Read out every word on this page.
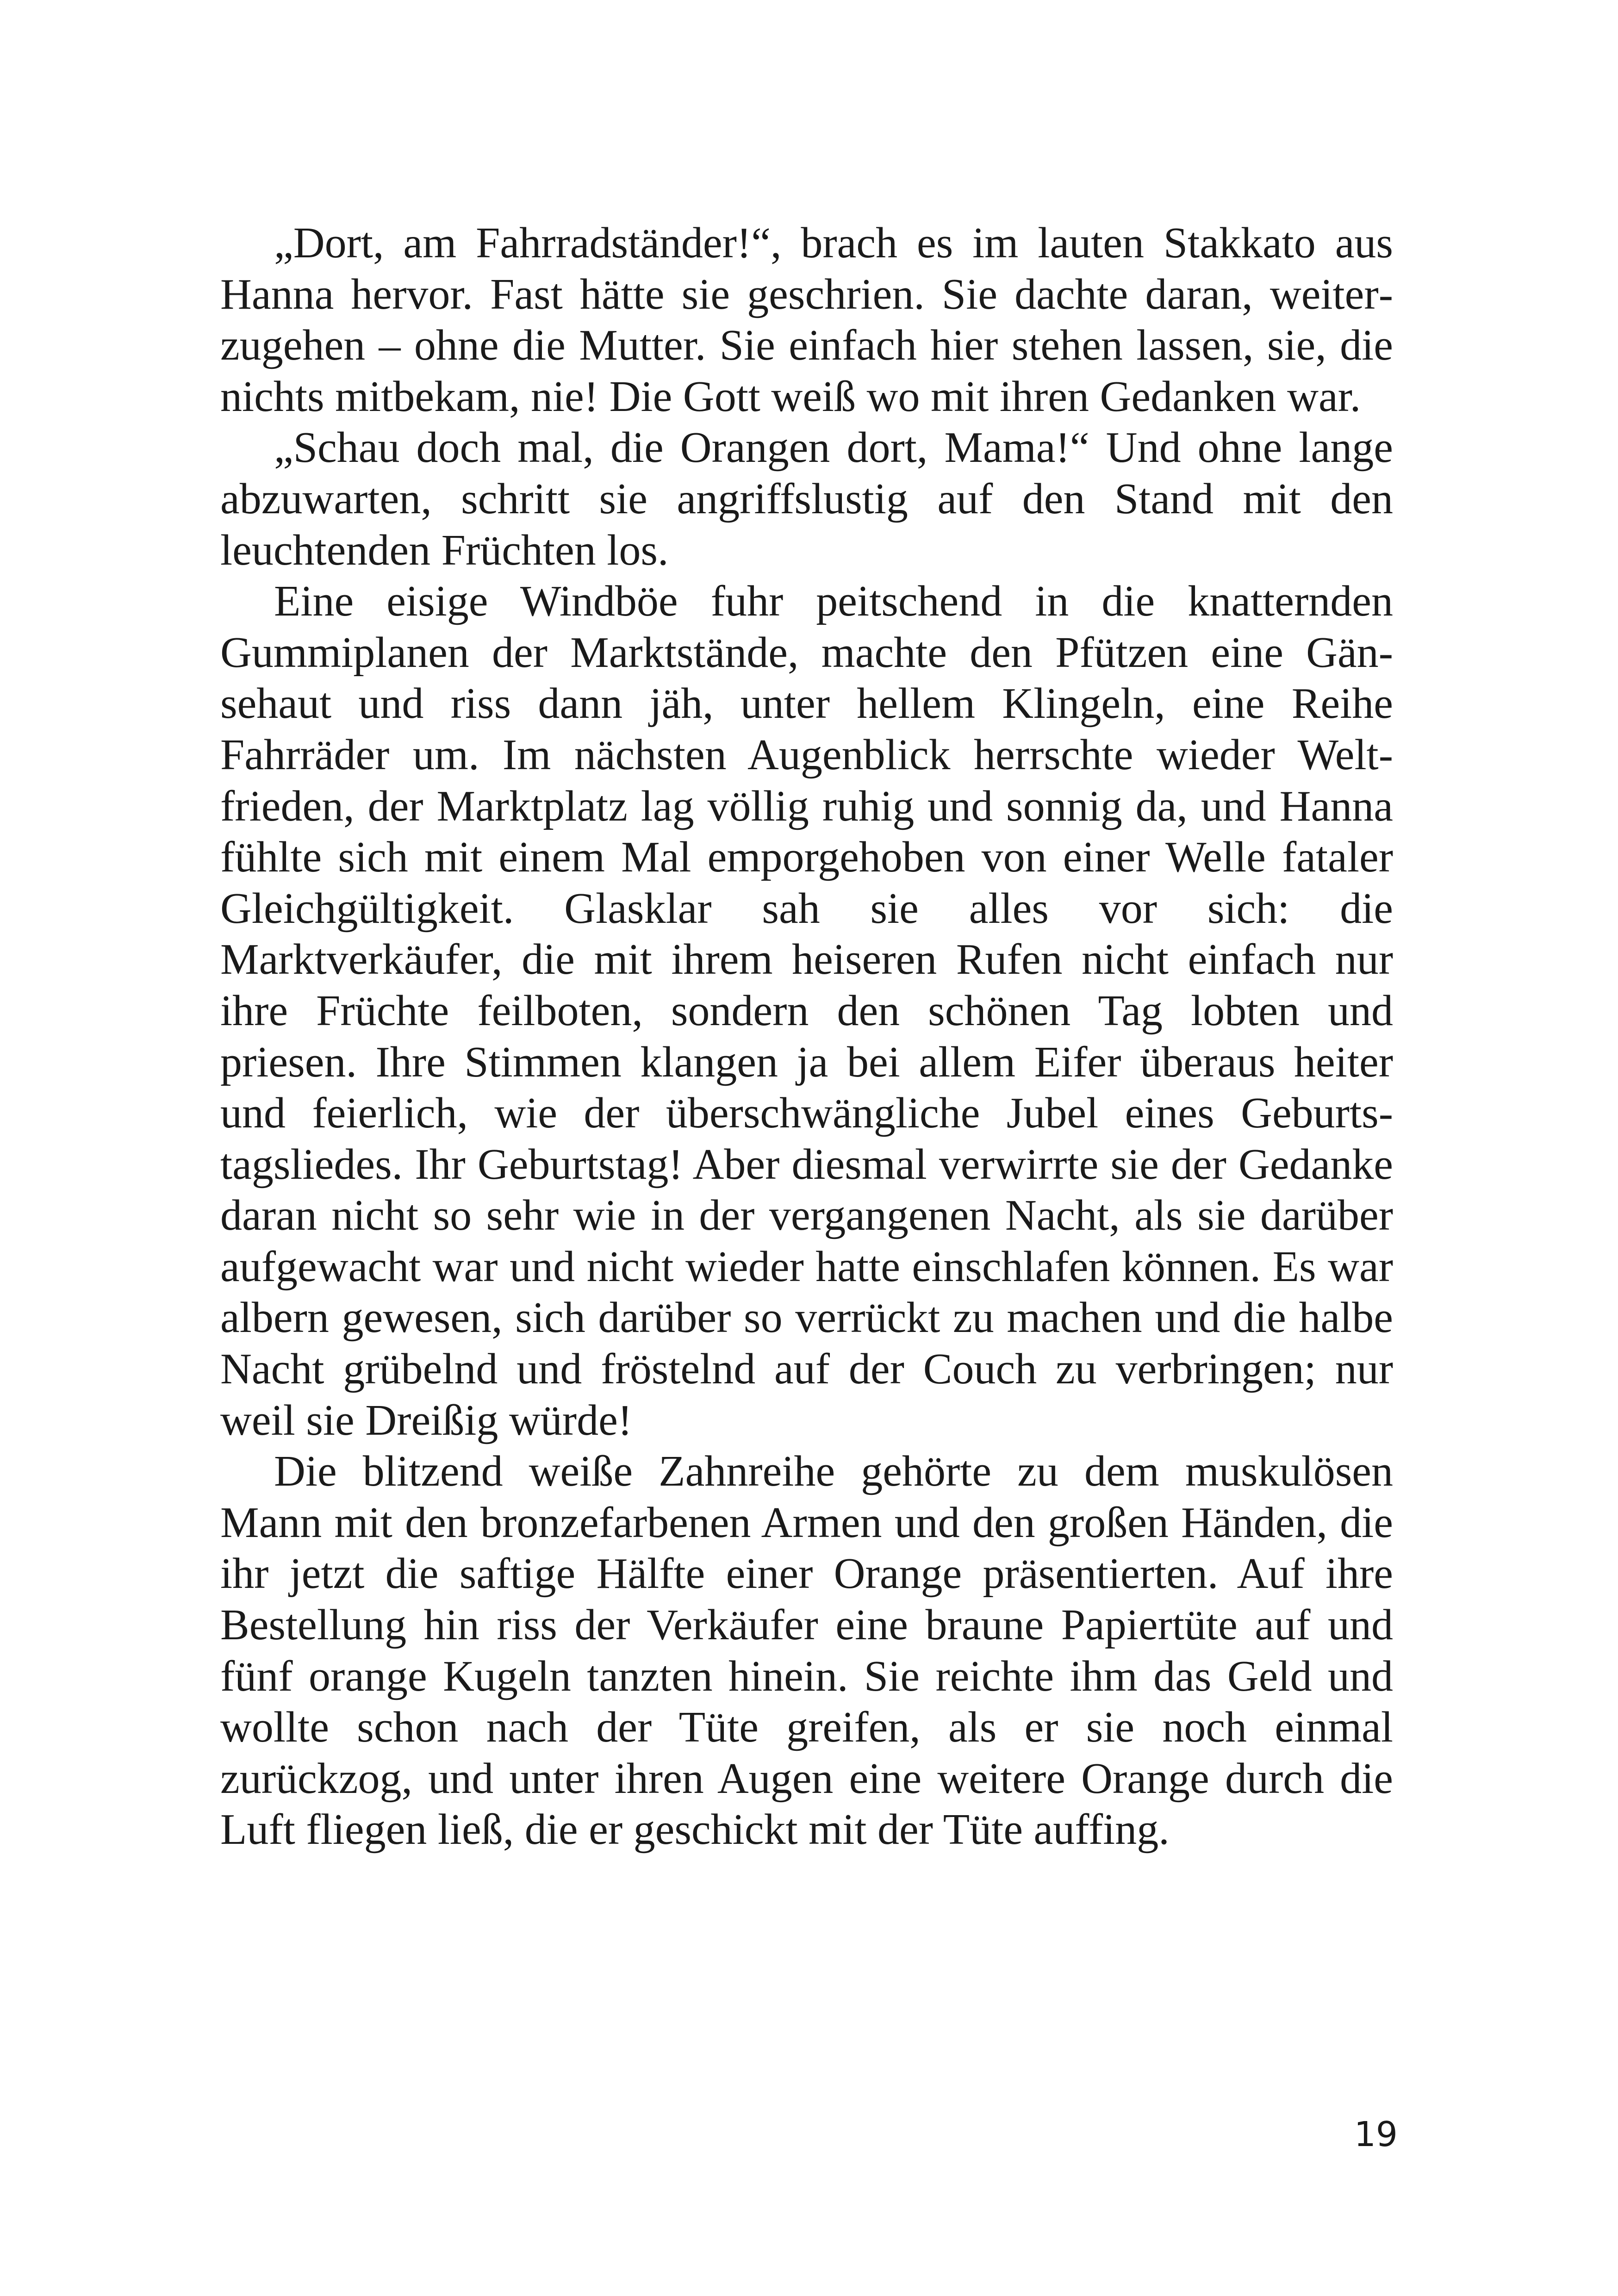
„Dort, am Fahrradständer!“, brach es im lauten Stakkato aus Hanna hervor. Fast hätte sie geschrien. Sie dachte daran, weiterzugehen – ohne die Mutter. Sie einfach hier stehen lassen, sie, die nichts mitbekam, nie! Die Gott weiß wo mit ihren Gedanken war.

„Schau doch mal, die Orangen dort, Mama!“ Und ohne lange abzuwarten, schritt sie angriffslustig auf den Stand mit den leuchtenden Früchten los.

Eine eisige Windböe fuhr peitschend in die knatternden Gummiplanen der Marktstände, machte den Pfützen eine Gänsehaut und riss dann jäh, unter hellem Klingeln, eine Reihe Fahrräder um. Im nächsten Augenblick herrschte wieder Weltfrieden, der Marktplatz lag völlig ruhig und sonnig da, und Hanna fühlte sich mit einem Mal emporgehoben von einer Welle fataler Gleichgültigkeit. Glasklar sah sie alles vor sich: die Marktverkäufer, die mit ihrem heiseren Rufen nicht einfach nur ihre Früchte feilboten, sondern den schönen Tag lobten und priesen. Ihre Stimmen klangen ja bei allem Eifer überaus heiter und feierlich, wie der überschwängliche Jubel eines Geburtstagsliedes. Ihr Geburtstag! Aber diesmal verwirrte sie der Gedanke daran nicht so sehr wie in der vergangenen Nacht, als sie darüber aufgewacht war und nicht wieder hatte einschlafen können. Es war albern gewesen, sich darüber so verrückt zu machen und die halbe Nacht grübelnd und fröstelnd auf der Couch zu verbringen; nur weil sie Dreißig würde!

Die blitzend weiße Zahnreihe gehörte zu dem muskulösen Mann mit den bronzefarbenen Armen und den großen Händen, die ihr jetzt die saftige Hälfte einer Orange präsentierten. Auf ihre Bestellung hin riss der Verkäufer eine braune Papiertüte auf und fünf orange Kugeln tanzten hinein. Sie reichte ihm das Geld und wollte schon nach der Tüte greifen, als er sie noch einmal zurückzog, und unter ihren Augen eine weitere Orange durch die Luft fliegen ließ, die er geschickt mit der Tüte auffing.

19
